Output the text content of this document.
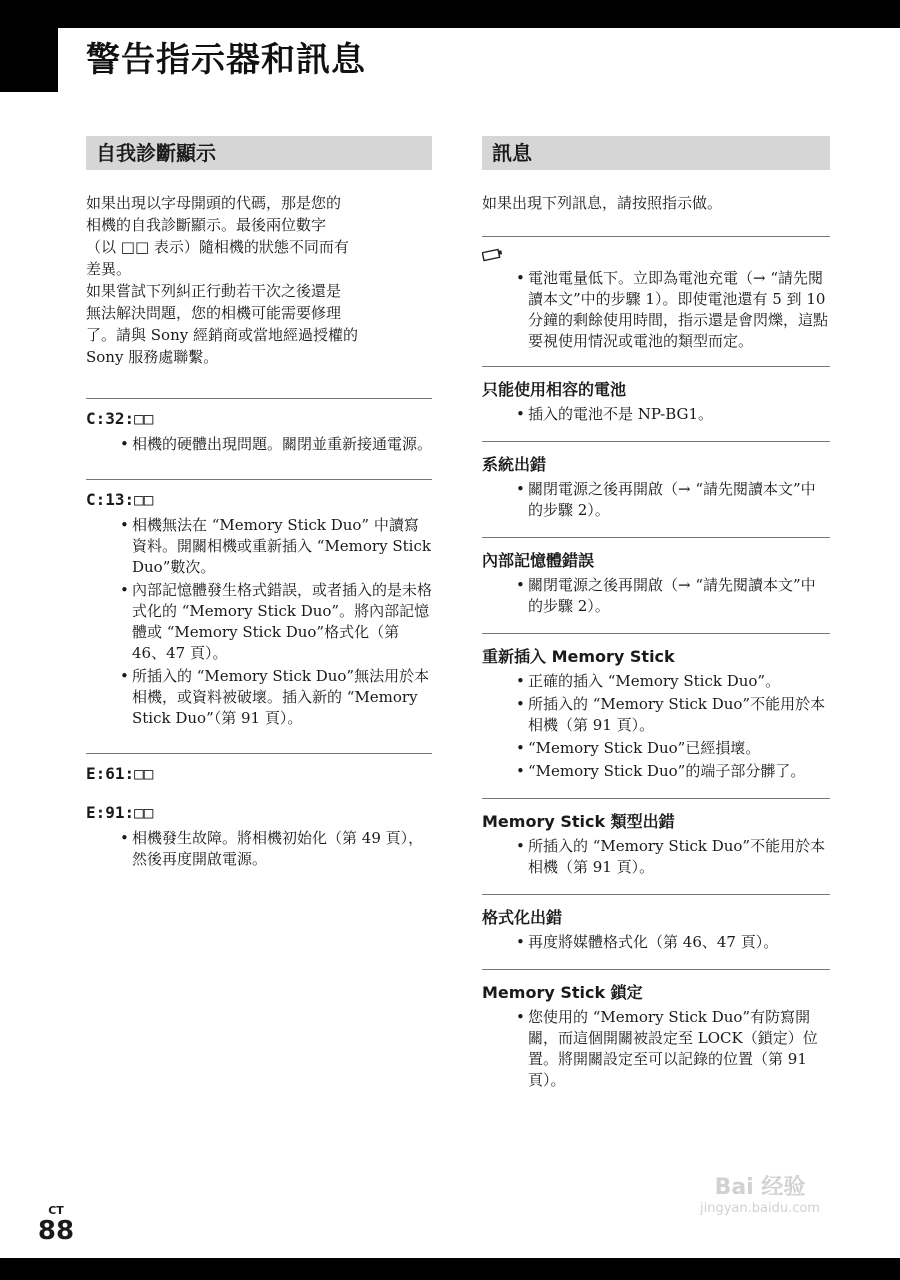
警告指示器和訊息
自我診斷顯示
如果出現以字母開頭的代碼，那是您的
相機的自我診斷顯示。最後兩位數字
（以 □□ 表示）隨相機的狀態不同而有
差異。
如果嘗試下列糾正行動若干次之後還是
無法解決問題，您的相機可能需要修理
了。請與 Sony 經銷商或當地經過授權的
Sony 服務處聯繫。
C:32:□□
• 相機的硬體出現問題。關閉並重新接通電源。
C:13:□□
• 相機無法在 “Memory Stick Duo” 中讀寫資料。開關相機或重新插入 “Memory Stick Duo”數次。
• 內部記憶體發生格式錯誤，或者插入的是未格式化的 “Memory Stick Duo”。將內部記憶體或 “Memory Stick Duo”格式化（第 46、47 頁）。
• 所插入的 “Memory Stick Duo”無法用於本相機，或資料被破壞。插入新的 “Memory Stick Duo”（第 91 頁）。
E:61:□□
E:91:□□
• 相機發生故障。將相機初始化（第 49 頁），然後再度開啟電源。
訊息
如果出現下列訊息，請按照指示做。
• 電池電量低下。立即為電池充電（→ “請先閱讀本文”中的步驟 1）。即使電池還有 5 到 10 分鐘的剩餘使用時間，指示還是會閃爍，這點要視使用情況或電池的類型而定。
只能使用相容的電池
• 插入的電池不是 NP-BG1。
系統出錯
• 關閉電源之後再開啟（→ “請先閱讀本文”中的步驟 2）。
內部記憶體錯誤
• 關閉電源之後再開啟（→ “請先閱讀本文”中的步驟 2）。
重新插入 Memory Stick
• 正確的插入 “Memory Stick Duo”。
• 所插入的 “Memory Stick Duo”不能用於本相機（第 91 頁）。
• “Memory Stick Duo”已經損壞。
• “Memory Stick Duo”的端子部分髒了。
Memory Stick 類型出錯
• 所插入的 “Memory Stick Duo”不能用於本相機（第 91 頁）。
格式化出錯
• 再度將媒體格式化（第 46、47 頁）。
Memory Stick 鎖定
• 您使用的 “Memory Stick Duo”有防寫開關，而這個開關被設定至 LOCK（鎖定）位置。將開關設定至可以記錄的位置（第 91 頁）。
CT
88
Bai 经验
jingyan.baidu.com
